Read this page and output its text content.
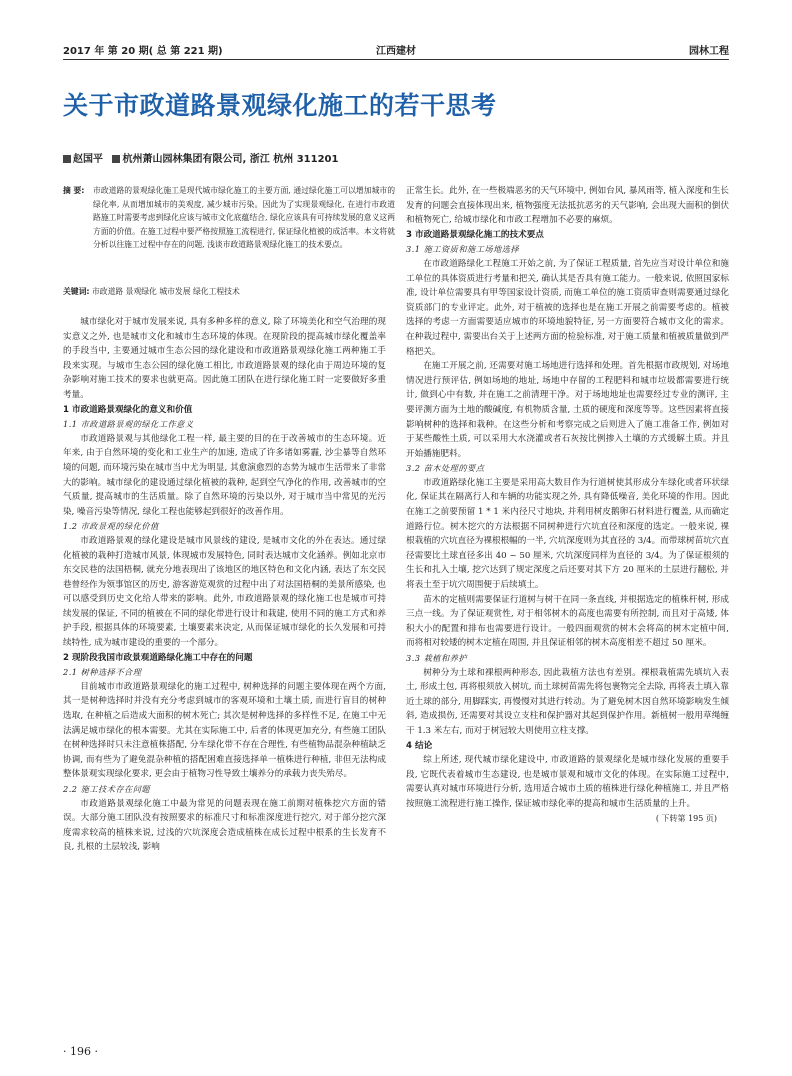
2017 年 第 20 期( 总 第 221 期)	江西建材	园林工程
关于市政道路景观绿化施工的若干思考
赵国平 杭州萧山园林集团有限公司, 浙江 杭州 311201
摘 要: 市政道路的景观绿化施工是现代城市绿化施工的主要方面, 通过绿化施工可以增加城市的绿化率, 从而增加城市的美观度, 减少城市污染。因此为了实现景观绿化, 在进行市政道路施工时需要考虑到绿化应该与城市文化底蕴结合, 绿化应该具有可持续发展的意义这两方面的价值。在施工过程中要严格按照施工流程进行, 保证绿化植被的成活率。本文将就分析以往施工过程中存在的问题, 浅谈市政道路景观绿化施工的技术要点。
关键词: 市政道路 景观绿化 城市发展 绿化工程技术

城市绿化对于城市发展来说, 具有多种多样的意义, 除了环境美化和空气治理的现实意义之外, 也是城市文化和城市生态环境的体现。在现阶段的提高城市绿化覆盖率的手段当中, 主要通过城市生态公园的绿化建设和市政道路景观绿化施工两种施工手段来实现。与城市生态公园的绿化施工相比, 市政道路景观的绿化由于周边环境的复杂影响对施工技术的要求也就更高。因此施工团队在进行绿化施工时一定要做好多重考量。

1 市政道路景观绿化的意义和价值
1.1 市政道路景观的绿化工作意义

市政道路景观与其他绿化工程一样, 最主要的目的在于改善城市的生态环境。近年来, 由于自然环境的变化和工业生产的加速, 造成了许多诸如雾霾, 沙尘暴等自然环境的问题, 而环境污染在城市当中尤为明显, 其愈演愈烈的态势为城市生活带来了非常大的影响。城市绿化的建设通过绿化植被的栽种, 起到空气净化的作用, 改善城市的空气质量, 提高城市的生活质量。除了自然环境的污染以外, 对于城市当中常见的光污染, 噪音污染等情况, 绿化工程也能够起到很好的改善作用。

1.2 市政景观的绿化价值

市政道路景观的绿化建设是城市风景线的建设, 是城市文化的外在表达。通过绿化植被的栽种打造城市风景, 体现城市发展特色, 同时表达城市文化涵养。例如北京市东交民巷的法国梧桐, 就充分地表现出了该地区的地区特色和文化内涵, 表达了东交民巷曾经作为领事馆区的历史, 游客游览观赏的过程中出了对法国梧桐的美景所感染, 也可以感受到历史文化给人带来的影响。此外, 市政道路景观的绿化施工也是城市可持续发展的保证, 不同的植被在不同的绿化带进行设计和栽建, 使用不同的施工方式和养护手段, 根据具体的环境要素, 土壤要素来决定, 从而保证城市绿化的长久发展和可持续特性, 成为城市建设的重要的一个部分。

2 现阶段我国市政景观道路绿化施工中存在的问题
2.1 树种选择不合理

目前城市市政道路景观绿化的施工过程中, 树种选择的问题主要体现在两个方面, 其一是树种选择时并没有充分考虑到城市的客观环境和土壤土质, 而进行盲目的树种选取, 在种植之后造成大面积的树木死亡; 其次是树种选择的多样性不足, 在施工中无法满足城市绿化的根本需要。尤其在实际施工中, 后者的体现更加充分, 有些施工团队在树种选择时只未注意植株搭配, 分车绿化带不存在合理性, 有些植物品混杂种植缺乏协调, 而有些为了避免混杂种植的搭配困难直接选择单一植株进行种植, 非但无法构成整体景观实现绿化要求, 更会由于植物习性导致土壤养分的承载力丧失殆尽。

2.2 施工技术存在问题

市政道路景观绿化施工中最为常见的问题表现在施工前期对植株挖穴方面的错误。大部分施工团队没有按照要求的标准尺寸和标准深度进行挖穴, 对于部分挖穴深度需求较高的植株来说, 过浅的穴坑深度会造成植株在成长过程中根系的生长发育不良, 扎根的土层较浅, 影响

正常生长。此外, 在一些极端恶劣的天气环境中, 例如台风, 暴风雨等, 植入深度和生长发育的问题会直接体现出来, 植物强度无法抵抗恶劣的天气影响, 会出现大面积的倒伏和植物死亡, 给城市绿化和市政工程增加不必要的麻烦。

3 市政道路景观绿化施工的技术要点
3.1 施工资质和施工场地选择

在市政道路绿化工程施工开始之前, 为了保证工程质量, 首先应当对设计单位和施工单位的具体资质进行考量和把关, 确认其是否具有施工能力。一般来说, 依照国家标准, 设计单位需要具有甲等国家设计资质, 而施工单位的施工资质审查则需要通过绿化资质部门的专业评定。此外, 对于植被的选择也是在施工开展之前需要考虑的。植被选择的考虑一方面需要适应城市的环境地貌特征, 另一方面要符合城市文化的需求。在种栽过程中, 需要出台关于上述两方面的检验标准, 对于施工质量和植被质量做到严格把关。

在施工开展之前, 还需要对施工场地进行选择和处理。首先根据市政规划, 对场地情况进行预评估, 例如场地的地址, 场地中存留的工程肥料和城市垃圾都需要进行统计, 做到心中有数, 并在施工之前清理干净。对于场地地址也需要经过专业的测评, 主要评测方面为土地的酸碱度, 有机物质含量, 土质的硬度和深度等等。这些因素将直接影响树种的选择和栽种。在这些分析和考察完成之后则进入了施工准备工作, 例如对于某些酸性土质, 可以采用大水浇灌或者石灰按比例掺入土壤的方式缓解土质。并且开始播施肥料。

3.2 苗木处理的要点

市政道路绿化施工主要是采用高大数目作为行道树使其形成分车绿化或者环状绿化, 保证其在隔离行人和车辆的功能实现之外, 具有降低噪音, 美化环境的作用。因此在施工之前要预留 1 * 1 米内径尺寸地块, 并利用树皮鹅卵石材料进行覆盖, 从而确定道路行位。树木挖穴的方法根据不同树种进行穴坑直径和深度的选定。一般来说, 裸根栽植的穴坑直径为裸根根幅的一半, 穴坑深度则为其直径的 3/4。而带球树苗坑穴直径需要比土球直径多出 40 ~ 50 厘米, 穴坑深度同样为直径的 3/4。为了保证根须的生长和扎入土壤, 挖穴达到了规定深度之后还要对其下方 20 厘米的土层进行翻松, 并将表土至于坑穴周围便于后续填土。

苗木的定植则需要保证行道树与树干在同一条直线, 并根据选定的植株杆树, 形成三点一线。为了保证观赏性, 对于相邻树木的高度也需要有所控制, 而且对于高矮, 体积大小的配置和排布也需要进行设计。一般四面观赏的树木会将高的树木定植中间, 而将相对较矮的树木定植在周围, 并且保证相邻的树木高度相差不超过 50 厘米。

3.3 栽植和养护

树种分为土球和裸根两种形态, 因此栽植方法也有差别。裸根栽植需先填坑入表土, 形成土包, 再将根须放入树坑, 而土球树苗需先将包裹物完全去除, 再将表土填入靠近土球的部分, 用脚踩实, 再慢慢对其进行转动。为了避免树木因自然环境影响发生倾斜, 造成损伤, 还需要对其设立支柱和保护器对其起到保护作用。新植树一般用草绳缠干 1.3 米左右, 而对于树冠较大则使用立柱支撑。

4 结论

综上所述, 现代城市绿化建设中, 市政道路的景观绿化是城市绿化发展的重要手段, 它既代表着城市生态建设, 也是城市景观和城市文化的体现。在实际施工过程中, 需要认真对城市环境进行分析, 选用适合城市土质的植株进行绿化种植施工, 并且严格按照施工流程进行施工操作, 保证城市绿化率的提高和城市生活质量的上升。

( 下转第 195 页)
· 196 ·
